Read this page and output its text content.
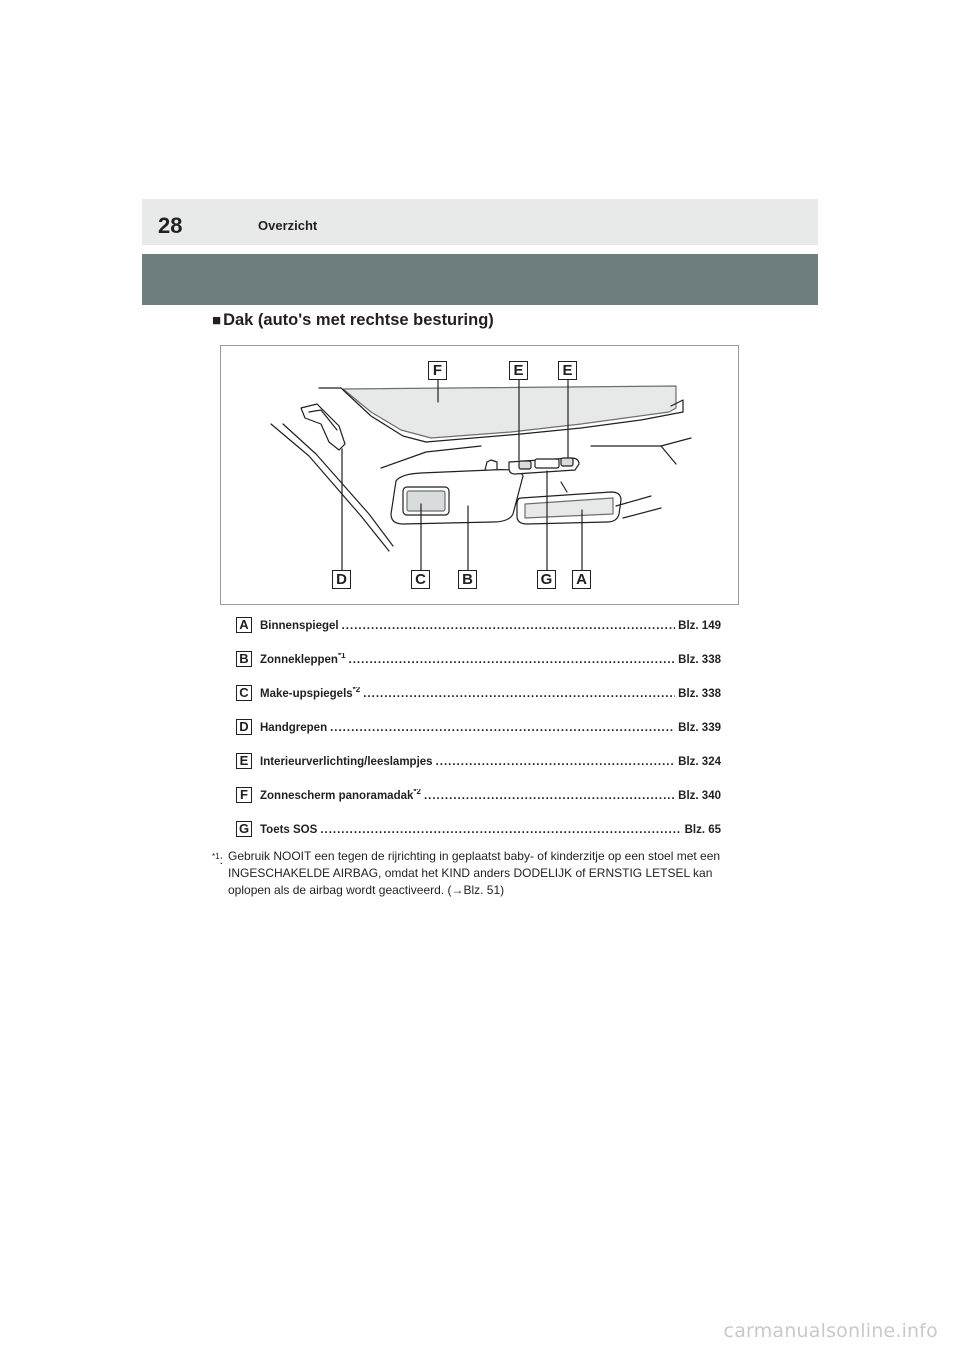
28	Overzicht
■ Dak (auto's met rechtse besturing)
F	E	E
D	C B	G A
A Binnenspiegel .....	Blz. 149
B Zonnekleppen$^{*1}$ .....	Blz. 338
C Make-upspiegels$^{*2}$ .....	Blz. 338
D Handgrepen .....	Blz. 339
E	Interieurverlichting/leeslampjes .....	Blz. 324
F	Zonnescherm panoramadak$^{*2}$ .....	Blz. 340
G Toets SOS .....	Blz. 65
$^{*1}$: Gebruik NOOIT een tegen de rijrichting in geplaatst baby- of kinderzitje op een stoel met een INGESCHAKELDE AIRBAG, omdat het KIND anders DODELIJK of ERNSTIG LETSEL kan oplopen als de airbag wordt geactiveerd. (→Blz. 51)
carmanualsonline.info
